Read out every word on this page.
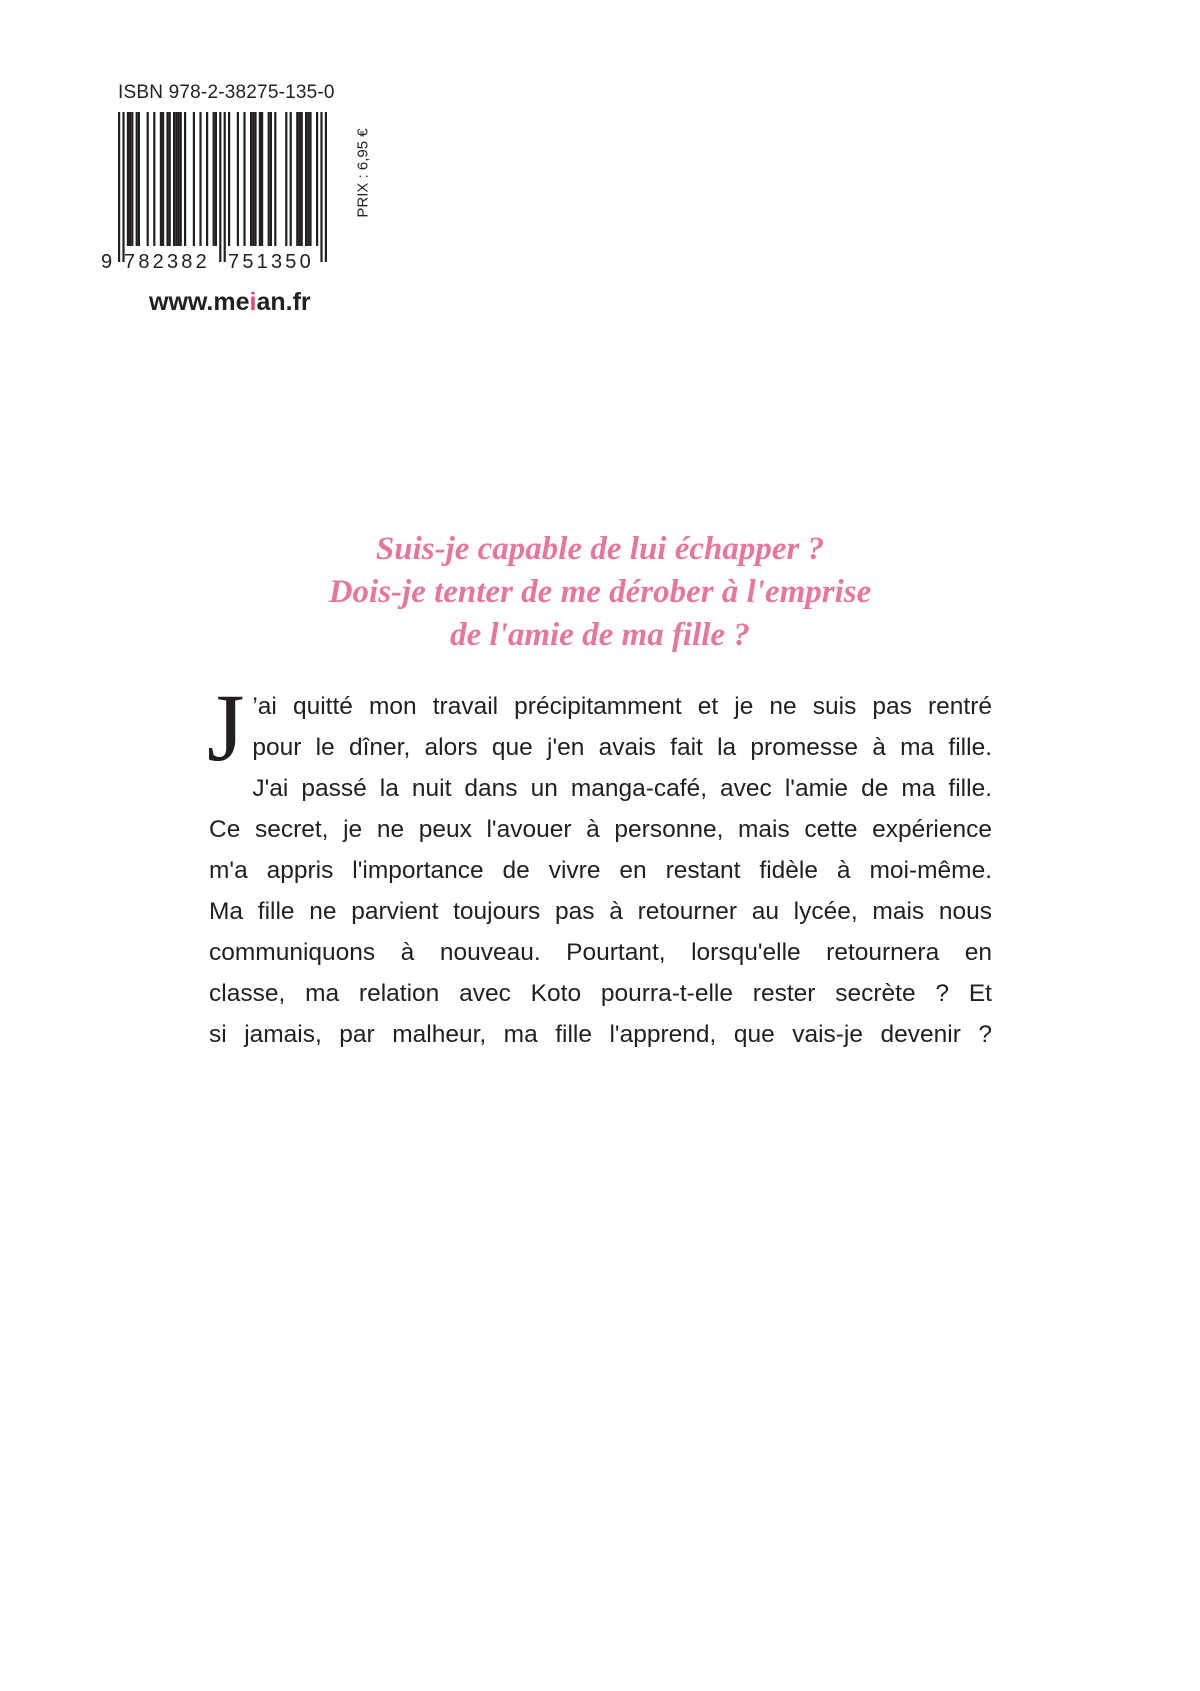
ISBN 978-2-38275-135-0
9 782382 751350
PRIX : 6,95 €
www.meian.fr
Suis-je capable de lui échapper ?
Dois-je tenter de me dérober à l'emprise
de l'amie de ma fille ?
J ’ai quitté mon travail précipitamment et je ne suis pas rentré
pour le dîner, alors que j'en avais fait la promesse à ma fille.
J'ai passé la nuit dans un manga-café, avec l'amie de ma fille.
Ce secret, je ne peux l'avouer à personne, mais cette expérience
m'a appris l'importance de vivre en restant fidèle à moi-même.
Ma fille ne parvient toujours pas à retourner au lycée, mais nous
communiquons à nouveau. Pourtant, lorsqu'elle retournera en
classe, ma relation avec Koto pourra-t-elle rester secrète ? Et
si jamais, par malheur, ma fille l'apprend, que vais-je devenir ?
